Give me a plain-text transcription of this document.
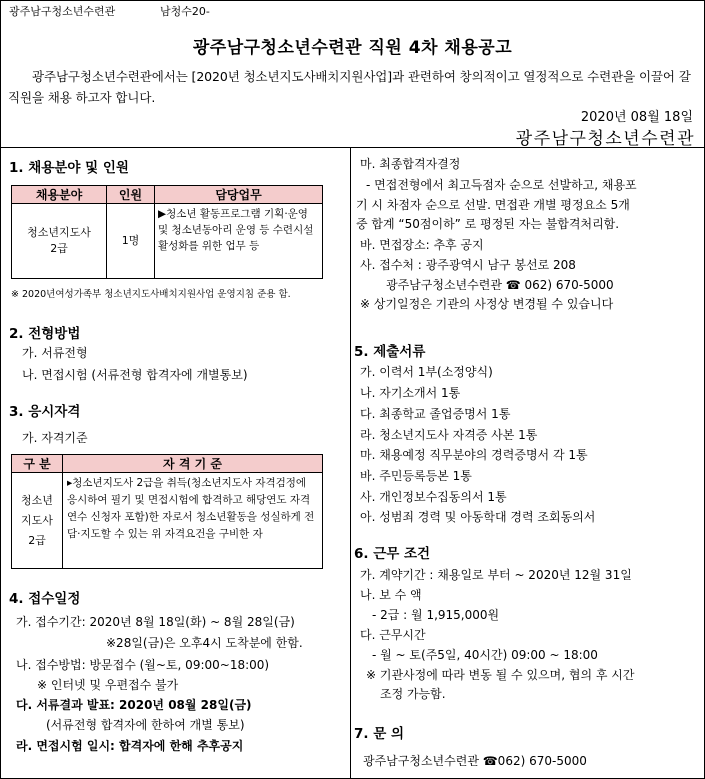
광주남구청소년수련관	남청수20-
광주남구청소년수련관 직원 4차 채용공고
광주남구청소년수련관에서는 [2020년 청소년지도사배치지원사업]과 관련하여 창의적이고 열정적으로 수련관을 이끌어 갈 직원을 채용 하고자 합니다.
2020년 08월 18일
광주남구청소년수련관
1. 채용분야 및 인원
채용분야	인원	담당업무
청소년지도사
2급	1명	▶청소년 활동프로그램 기획·운영 및 청소년동아리 운영 등 수련시설 활성화를 위한 업무 등
※ 2020년여성가족부 청소년지도사배치지원사업 운영지침 준용 함.
2. 전형방법
가. 서류전형
나. 면접시험 (서류전형 합격자에 개별통보)
3. 응시자격
가. 자격기준
구 분	자 격 기 준
청소년
지도사
2급	▸청소년지도사 2급을 취득(청소년지도사 자격검정에 응시하여 필기 및 면접시험에 합격하고 해당연도 자격연수 신청자 포함)한 자로서 청소년활동을 성실하게 전담·지도할 수 있는 위 자격요건을 구비한 자
4. 접수일정
가. 접수기간: 2020년 8월 18일(화) ~ 8월 28일(금)
※28일(금)은 오후4시 도착분에 한함.
나. 접수방법: 방문접수 (월~토, 09:00~18:00)
※ 인터넷 및 우편접수 불가
다. 서류결과 발표: 2020년 08월 28일(금)
(서류전형 합격자에 한하여 개별 통보)
라. 면접시험 일시: 합격자에 한해 추후공지
마. 최종합격자결정
- 면접전형에서 최고득점자 순으로 선발하고, 채용포
기 시 차점자 순으로 선발. 면접관 개별 평정요소 5개
중 합계 “50점이하” 로 평정된 자는 불합격처리함.
바. 면접장소: 추후 공지
사. 접수처 : 광주광역시 남구 봉선로 208
광주남구청소년수련관 ☎ 062) 670-5000
※ 상기일정은 기관의 사정상 변경될 수 있습니다
5. 제출서류
가. 이력서 1부(소정양식)
나. 자기소개서 1통
다. 최종학교 졸업증명서 1통
라. 청소년지도사 자격증 사본 1통
마. 채용예정 직무분야의 경력증명서 각 1통
바. 주민등록등본 1통
사. 개인정보수집동의서 1통
아. 성범죄 경력 및 아동학대 경력 조회동의서
6. 근무 조건
가. 계약기간 : 채용일로 부터 ~ 2020년 12월 31일
나. 보 수 액
- 2급 : 월 1,915,000원
다. 근무시간
- 월 ~ 토(주5일, 40시간) 09:00 ~ 18:00
※ 기관사정에 따라 변동 될 수 있으며, 협의 후 시간
조정 가능함.
7. 문 의
광주남구청소년수련관 ☎062) 670-5000
